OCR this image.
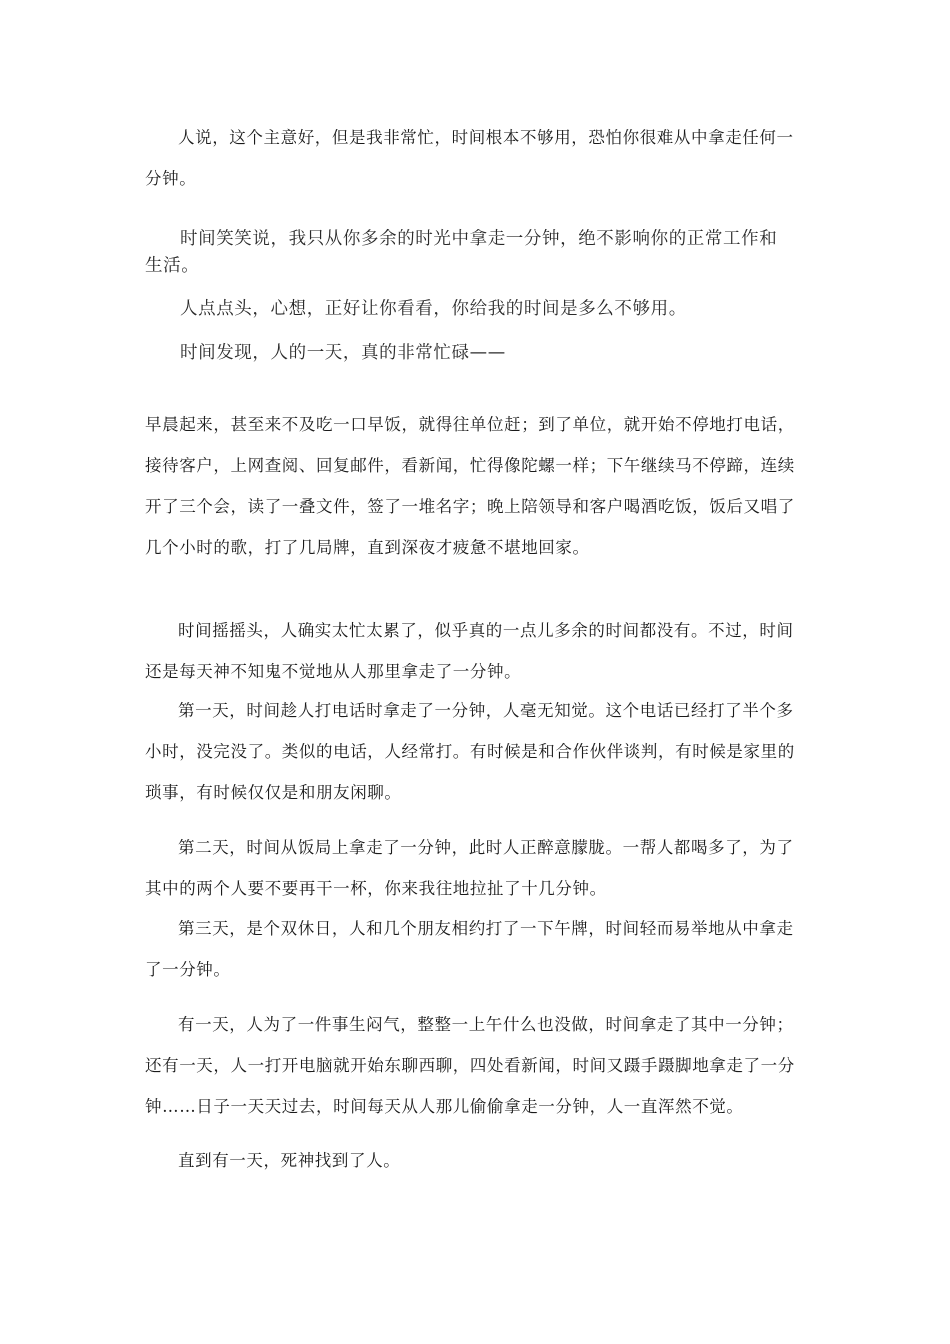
人说，这个主意好，但是我非常忙，时间根本不够用，恐怕你很难从中拿走任何一分钟。

时间笑笑说，我只从你多余的时光中拿走一分钟，绝不影响你的正常工作和生活。

人点点头，心想，正好让你看看，你给我的时间是多么不够用。

时间发现，人的一天，真的非常忙碌——

早晨起来，甚至来不及吃一口早饭，就得往单位赶；到了单位，就开始不停地打电话，接待客户，上网查阅、回复邮件，看新闻，忙得像陀螺一样；下午继续马不停蹄，连续开了三个会，读了一叠文件，签了一堆名字；晚上陪领导和客户喝酒吃饭，饭后又唱了几个小时的歌，打了几局牌，直到深夜才疲惫不堪地回家。

时间摇摇头，人确实太忙太累了，似乎真的一点儿多余的时间都没有。不过，时间还是每天神不知鬼不觉地从人那里拿走了一分钟。

第一天，时间趁人打电话时拿走了一分钟，人毫无知觉。这个电话已经打了半个多小时，没完没了。类似的电话，人经常打。有时候是和合作伙伴谈判，有时候是家里的琐事，有时候仅仅是和朋友闲聊。

第二天，时间从饭局上拿走了一分钟，此时人正醉意朦胧。一帮人都喝多了，为了其中的两个人要不要再干一杯，你来我往地拉扯了十几分钟。

第三天，是个双休日，人和几个朋友相约打了一下午牌，时间轻而易举地从中拿走了一分钟。

有一天，人为了一件事生闷气，整整一上午什么也没做，时间拿走了其中一分钟；还有一天，人一打开电脑就开始东聊西聊，四处看新闻，时间又蹑手蹑脚地拿走了一分钟……日子一天天过去，时间每天从人那儿偷偷拿走一分钟，人一直浑然不觉。

直到有一天，死神找到了人。
